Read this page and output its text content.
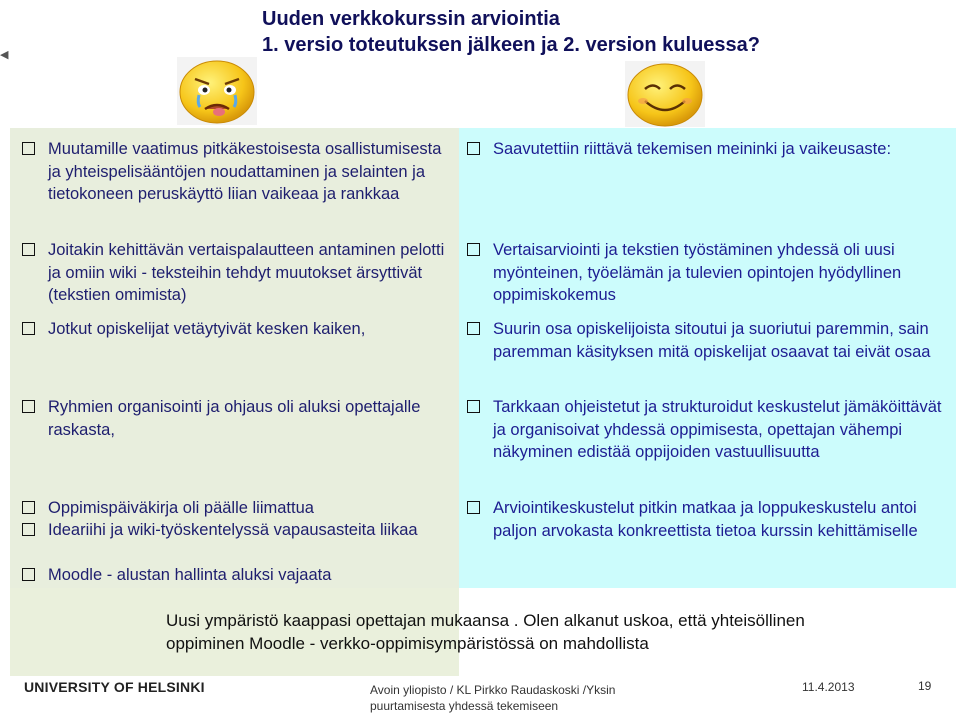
Uuden verkkokurssin arviointia
1. versio toteutuksen jälkeen ja 2. version kuluessa?
◀
Muutamille vaatimus pitkäkestoisesta osallistumisesta ja yhteispelisääntöjen noudattaminen ja selainten ja tietokoneen peruskäyttö liian vaikeaa ja rankkaa
Joitakin kehittävän vertaispalautteen antaminen pelotti ja omiin wiki - teksteihin tehdyt muutokset ärsyttivät (tekstien omimista)
Jotkut opiskelijat vetäytyivät kesken kaiken,
Ryhmien organisointi ja ohjaus oli aluksi opettajalle raskasta,
Oppimispäiväkirja oli päälle liimattua
Ideariihi ja wiki-työskentelyssä vapausasteita liikaa
Moodle - alustan hallinta aluksi vajaata
Saavutettiin riittävä tekemisen meininki ja vaikeusaste:
Vertaisarviointi ja tekstien työstäminen yhdessä oli uusi myönteinen, työelämän ja tulevien opintojen hyödyllinen oppimiskokemus
Suurin osa opiskelijoista sitoutui ja suoriutui paremmin, sain paremman käsityksen mitä opiskelijat osaavat tai eivät osaa
Tarkkaan ohjeistetut ja strukturoidut keskustelut jämäköittävät ja organisoivat yhdessä oppimisesta, opettajan vähempi näkyminen edistää oppijoiden vastuullisuutta
Arviointikeskustelut pitkin matkaa ja loppukeskustelu antoi paljon arvokasta konkreettista tietoa kurssin kehittämiselle
Uusi ympäristö kaappasi opettajan mukaansa . Olen alkanut uskoa, että yhteisöllinen oppiminen Moodle - verkko-oppimisympäristössä on mahdollista
UNIVERSITY OF HELSINKI	Avoin yliopisto / KL Pirkko Raudaskoski /Yksin
puurtamisesta yhdessä tekemiseen
11.4.2013	19
